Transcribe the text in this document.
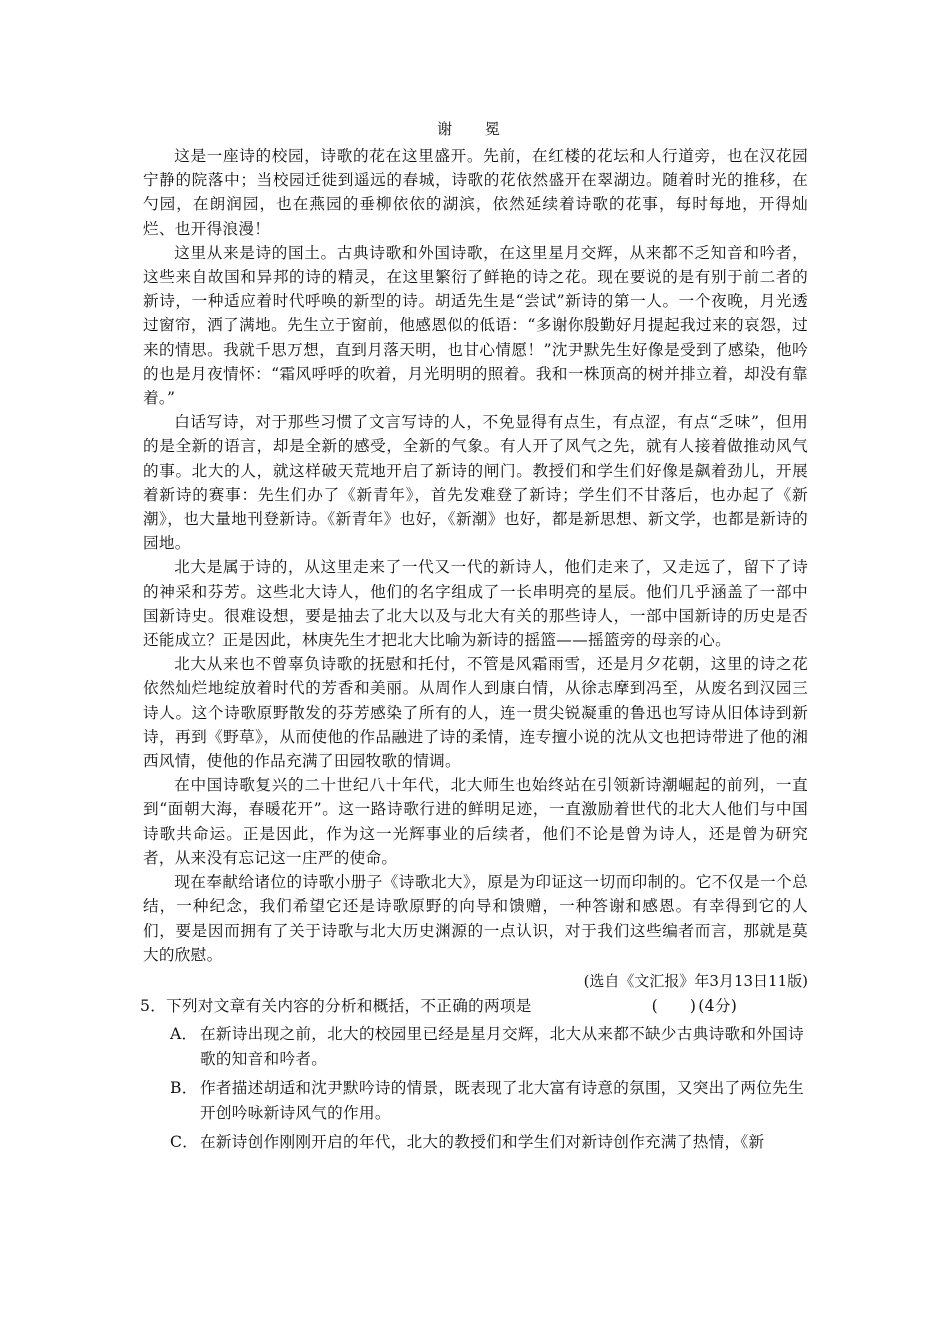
谢 冕

这是一座诗的校园，诗歌的花在这里盛开。先前，在红楼的花坛和人行道旁，也在汉花园宁静的院落中；当校园迁徙到遥远的春城，诗歌的花依然盛开在翠湖边。随着时光的推移，在勺园，在朗润园，也在燕园的垂柳依依的湖滨，依然延续着诗歌的花事，每时每地，开得灿烂、也开得浪漫！

这里从来是诗的国土。古典诗歌和外国诗歌，在这里星月交辉，从来都不乏知音和吟者，这些来自故国和异邦的诗的精灵，在这里繁衍了鲜艳的诗之花。现在要说的是有别于前二者的新诗，一种适应着时代呼唤的新型的诗。胡适先生是“尝试”新诗的第一人。一个夜晚，月光透过窗帘，洒了满地。先生立于窗前，他感恩似的低语：“多谢你殷勤好月提起我过来的哀怨，过来的情思。我就千思万想，直到月落天明，也甘心情愿！”沈尹默先生好像是受到了感染，他吟的也是月夜情怀：“霜风呼呼的吹着，月光明明的照着。我和一株顶高的树并排立着，却没有靠着。”

白话写诗，对于那些习惯了文言写诗的人，不免显得有点生，有点涩，有点“乏味”，但用的是全新的语言，却是全新的感受，全新的气象。有人开了风气之先，就有人接着做推动风气的事。北大的人，就这样破天荒地开启了新诗的闸门。教授们和学生们好像是飙着劲儿，开展着新诗的赛事：先生们办了《新青年》，首先发难登了新诗；学生们不甘落后，也办起了《新潮》，也大量地刊登新诗。《新青年》也好，《新潮》也好，都是新思想、新文学，也都是新诗的园地。

北大是属于诗的，从这里走来了一代又一代的新诗人，他们走来了，又走远了，留下了诗的神采和芬芳。这些北大诗人，他们的名字组成了一长串明亮的星辰。他们几乎涵盖了一部中国新诗史。很难设想，要是抽去了北大以及与北大有关的那些诗人，一部中国新诗的历史是否还能成立？正是因此，林庚先生才把北大比喻为新诗的摇篮——摇篮旁的母亲的心。

北大从来也不曾辜负诗歌的抚慰和托付，不管是风霜雨雪，还是月夕花朝，这里的诗之花依然灿烂地绽放着时代的芳香和美丽。从周作人到康白情，从徐志摩到冯至，从废名到汉园三诗人。这个诗歌原野散发的芬芳感染了所有的人，连一贯尖锐凝重的鲁迅也写诗从旧体诗到新诗，再到《野草》，从而使他的作品融进了诗的柔情，连专擅小说的沈从文也把诗带进了他的湘西风情，使他的作品充满了田园牧歌的情调。

在中国诗歌复兴的二十世纪八十年代，北大师生也始终站在引领新诗潮崛起的前列，一直到“面朝大海，春暖花开”。这一路诗歌行进的鲜明足迹，一直激励着世代的北大人他们与中国诗歌共命运。正是因此，作为这一光辉事业的后续者，他们不论是曾为诗人，还是曾为研究者，从来没有忘记这一庄严的使命。

现在奉献给诸位的诗歌小册子《诗歌北大》，原是为印证这一切而印制的。它不仅是一个总结，一种纪念，我们希望它还是诗歌原野的向导和馈赠，一种答谢和感恩。有幸得到它的人们，要是因而拥有了关于诗歌与北大历史渊源的一点认识，对于我们这些编者而言，那就是莫大的欣慰。

(选自《文汇报》年3月13日11版)
5．下列对文章有关内容的分析和概括，不正确的两项是	(　　) (4分)
A． 在新诗出现之前，北大的校园里已经是星月交辉，北大从来都不缺少古典诗歌和外国诗歌的知音和吟者。
B． 作者描述胡适和沈尹默吟诗的情景，既表现了北大富有诗意的氛围，又突出了两位先生开创吟咏新诗风气的作用。
C． 在新诗创作刚刚开启的年代，北大的教授们和学生们对新诗创作充满了热情，《新
